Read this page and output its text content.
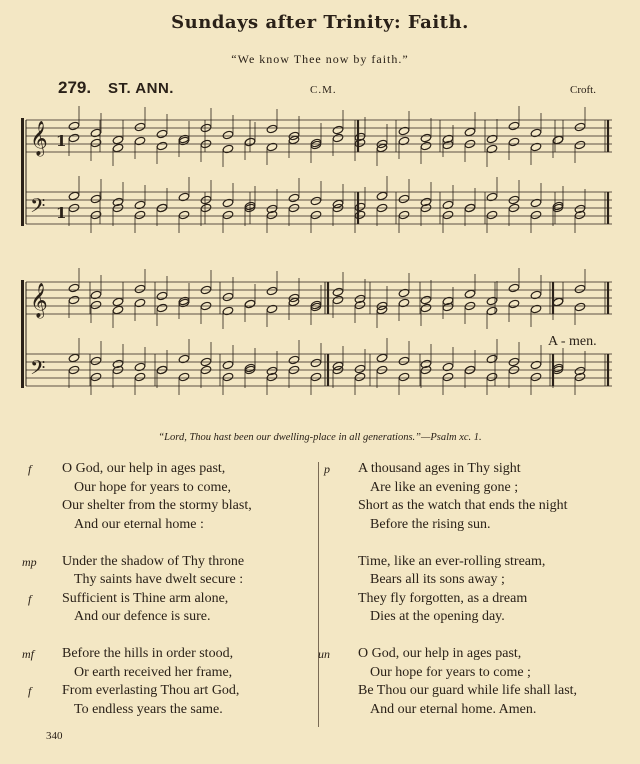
Sundays after Trinity: Faith.
“We know Thee now by faith.”
279. ST. ANN.	C.M.	Croft.
𝄞
𝄢
𝄞
𝄢
1
1
A - men.
“Lord, Thou hast been our dwelling-place in all generations.”—Psalm xc. 1.
f O God, our help in ages past,
Our hope for years to come,
Our shelter from the stormy blast,
And our eternal home :
mp Under the shadow of Thy throne
Thy saints have dwelt secure :
f Sufficient is Thine arm alone,
And our defence is sure.
mf Before the hills in order stood,
Or earth received her frame,
f From everlasting Thou art God,
To endless years the same.
p A thousand ages in Thy sight
Are like an evening gone ;
Short as the watch that ends the night
Before the rising sun.
Time, like an ever-rolling stream,
Bears all its sons away ;
They fly forgotten, as a dream
Dies at the opening day.
un O God, our help in ages past,
Our hope for years to come ;
Be Thou our guard while life shall last,
And our eternal home. Amen.
340
